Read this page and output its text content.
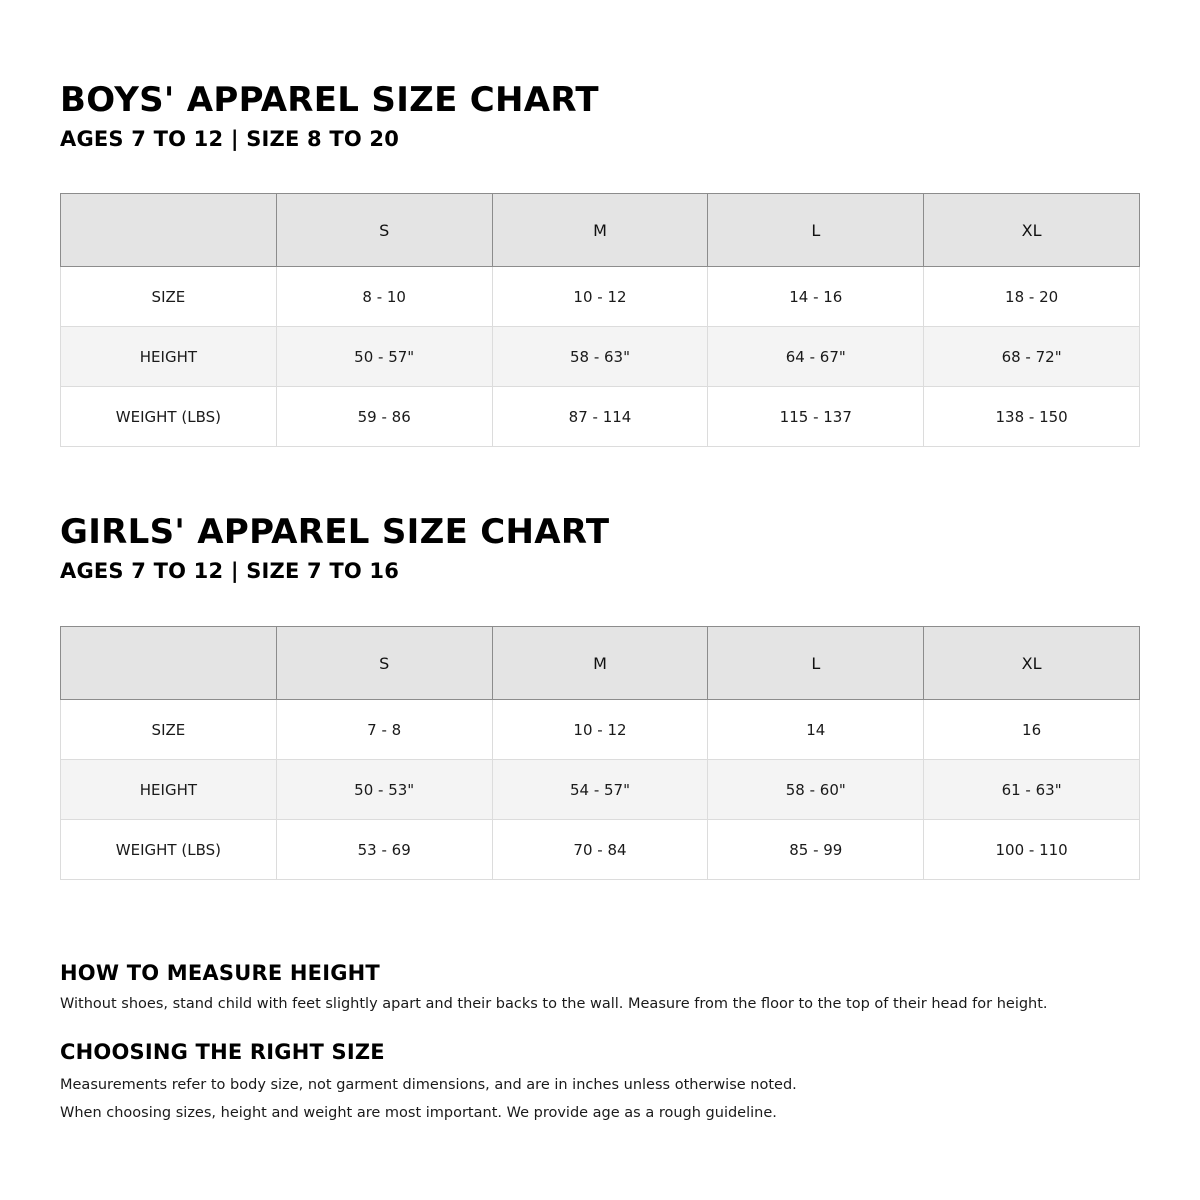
BOYS' APPAREL SIZE CHART
AGES 7 TO 12 | SIZE 8 TO 20
	S	M	L	XL
SIZE	8 - 10	10 - 12	14 - 16	18 - 20
HEIGHT	50 - 57"	58 - 63"	64 - 67"	68 - 72"
WEIGHT (LBS)	59 - 86	87 - 114	115 - 137	138 - 150
GIRLS' APPAREL SIZE CHART
AGES 7 TO 12 | SIZE 7 TO 16
	S	M	L	XL
SIZE	7 - 8	10 - 12	14	16
HEIGHT	50 - 53"	54 - 57"	58 - 60"	61 - 63"
WEIGHT (LBS)	53 - 69	70 - 84	85 - 99	100 - 110
HOW TO MEASURE HEIGHT

Without shoes, stand child with feet slightly apart and their backs to the wall. Measure from the floor to the top of their head for height.

CHOOSING THE RIGHT SIZE

Measurements refer to body size, not garment dimensions, and are in inches unless otherwise noted.

When choosing sizes, height and weight are most important. We provide age as a rough guideline.
